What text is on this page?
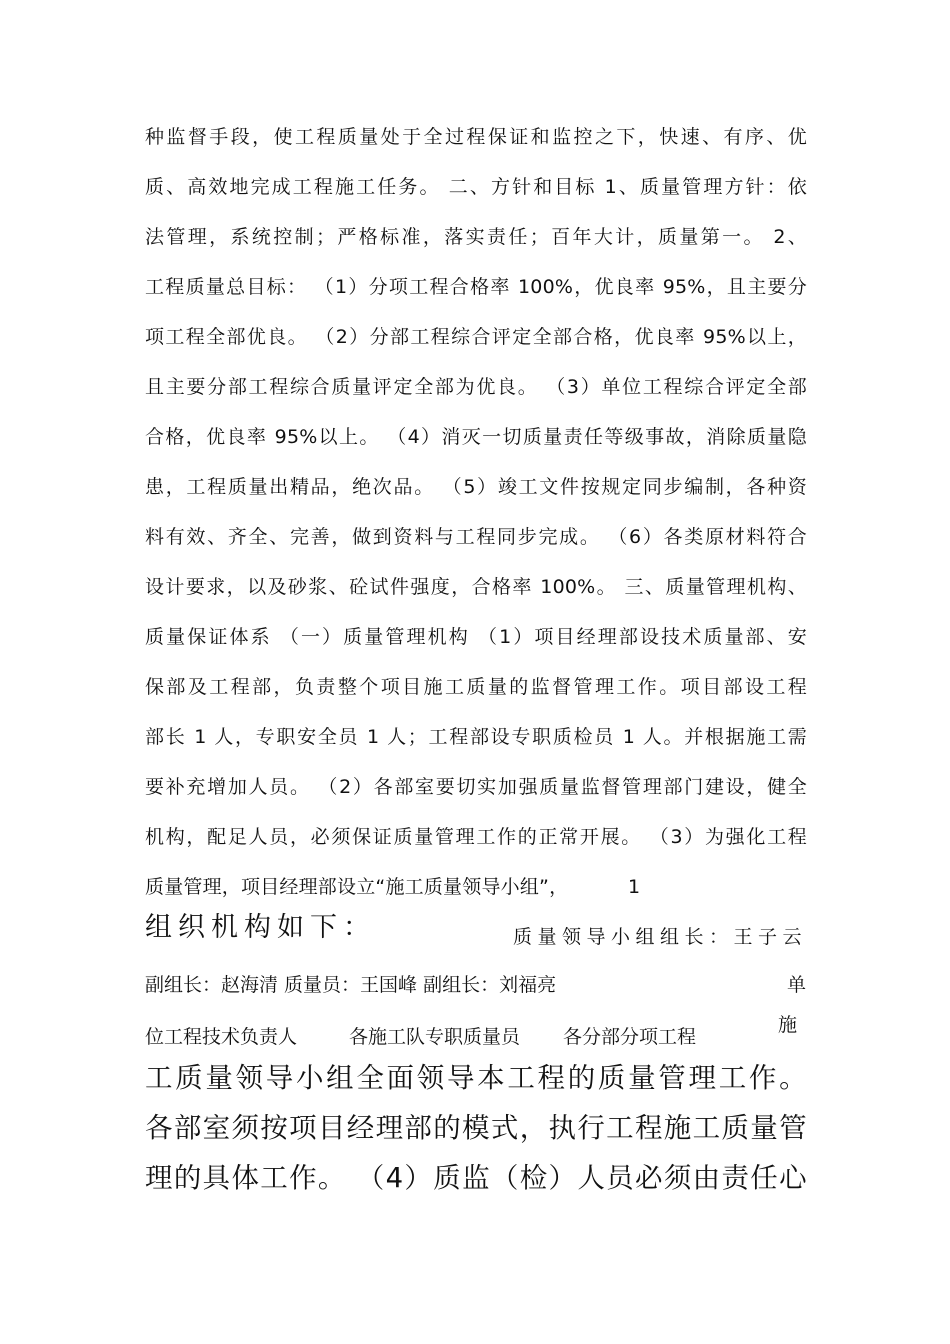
种监督手段，使工程质量处于全过程保证和监控之下，快速、有序、优
质、高效地完成工程施工任务。 二、方针和目标 1、质量管理方针：依
法管理，系统控制；严格标准，落实责任；百年大计，质量第一。 2、
工程质量总目标： （1）分项工程合格率 100%，优良率 95%，且主要分
项工程全部优良。 （2）分部工程综合评定全部合格，优良率 95%以上，
且主要分部工程综合质量评定全部为优良。 （3）单位工程综合评定全部
合格，优良率 95%以上。 （4）消灭一切质量责任等级事故，消除质量隐
患，工程质量出精品，绝次品。 （5）竣工文件按规定同步编制，各种资
料有效、齐全、完善，做到资料与工程同步完成。 （6）各类原材料符合
设计要求，以及砂浆、砼试件强度，合格率 100%。 三、质量管理机构、
质量保证体系 （一）质量管理机构 （1）项目经理部设技术质量部、安
保部及工程部，负责整个项目施工质量的监督管理工作。项目部设工程
部长 1 人，专职安全员 1 人；工程部设专职质检员 1 人。并根据施工需
要补充增加人员。 （2）各部室要切实加强质量监督管理部门建设，健全
机构，配足人员，必须保证质量管理工作的正常开展。 （3）为强化工程
质量管理，项目经理部设立“施工质量领导小组”，	1
组织机构如下：	质量领导小组组长：王子云
副组长：赵海清 质量员：王国峰 副组长：刘福亮	单
位工程技术负责人	各施工队专职质量员 各分部分项工程
施
工质量领导小组全面领导本工程的质量管理工作。
各部室须按项目经理部的模式，执行工程施工质量管
理的具体工作。 （4）质监（检）人员必须由责任心
